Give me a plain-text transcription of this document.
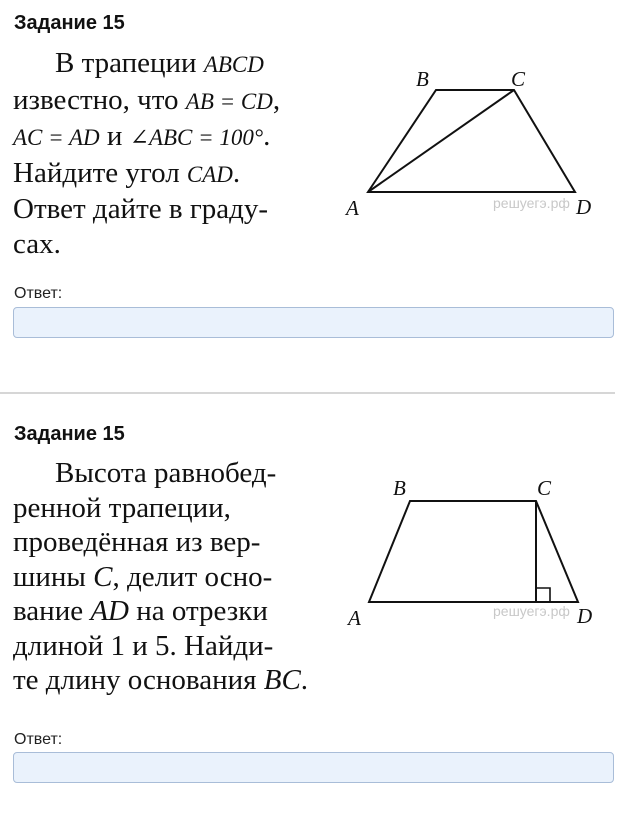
Задание 15
В трапеции ABCD
известно, что AB = CD,
AC = AD и ∠ABC = 100°.
Найдите угол CAD.
Ответ дайте в граду-
сах.
B	C
A	решуегэ.рф D
Ответ:
Задание 15
Высота равнобед-
ренной трапеции,
проведённая из вер-
шины C, делит осно-
вание AD на отрезки
длиной 1 и 5. Найди-
те длину основания BC.
B	C
A	решуегэ.рф D
Ответ:
